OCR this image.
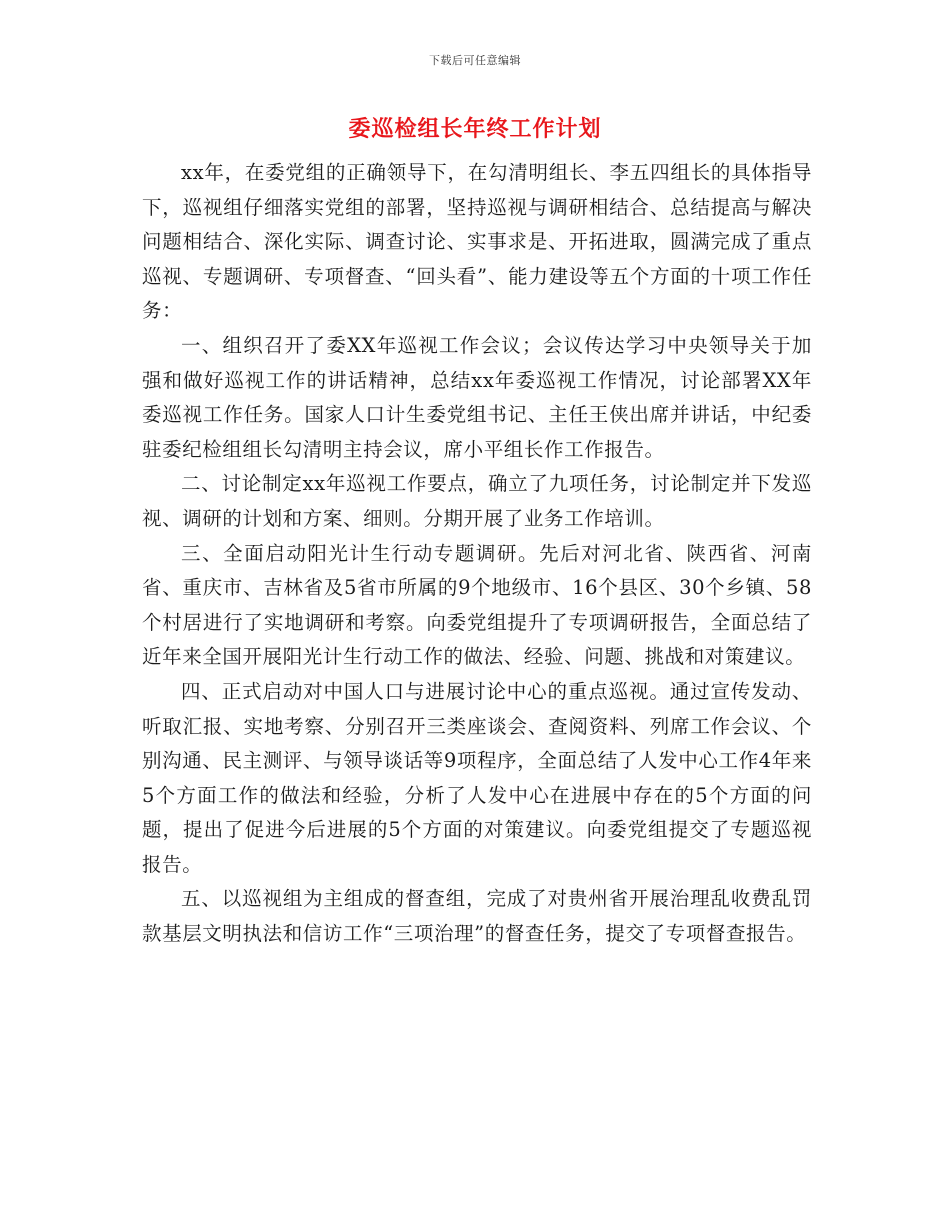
下载后可任意编辑
委巡检组长年终工作计划

xx年，在委党组的正确领导下，在勾清明组长、李五四组长的具体指导下，巡视组仔细落实党组的部署，坚持巡视与调研相结合、总结提高与解决问题相结合、深化实际、调查讨论、实事求是、开拓进取，圆满完成了重点巡视、专题调研、专项督查、“回头看”、能力建设等五个方面的十项工作任务：

一、组织召开了委XX年巡视工作会议；会议传达学习中央领导关于加强和做好巡视工作的讲话精神，总结xx年委巡视工作情况，讨论部署XX年委巡视工作任务。国家人口计生委党组书记、主任王侠出席并讲话，中纪委驻委纪检组组长勾清明主持会议，席小平组长作工作报告。

二、讨论制定xx年巡视工作要点，确立了九项任务，讨论制定并下发巡视、调研的计划和方案、细则。分期开展了业务工作培训。

三、全面启动阳光计生行动专题调研。先后对河北省、陕西省、河南省、重庆市、吉林省及5省市所属的9个地级市、16个县区、30个乡镇、58个村居进行了实地调研和考察。向委党组提升了专项调研报告，全面总结了近年来全国开展阳光计生行动工作的做法、经验、问题、挑战和对策建议。

四、正式启动对中国人口与进展讨论中心的重点巡视。通过宣传发动、听取汇报、实地考察、分别召开三类座谈会、查阅资料、列席工作会议、个别沟通、民主测评、与领导谈话等9项程序，全面总结了人发中心工作4年来5个方面工作的做法和经验，分析了人发中心在进展中存在的5个方面的问题，提出了促进今后进展的5个方面的对策建议。向委党组提交了专题巡视报告。

五、以巡视组为主组成的督查组，完成了对贵州省开展治理乱收费乱罚款基层文明执法和信访工作“三项治理”的督查任务，提交了专项督查报告。
